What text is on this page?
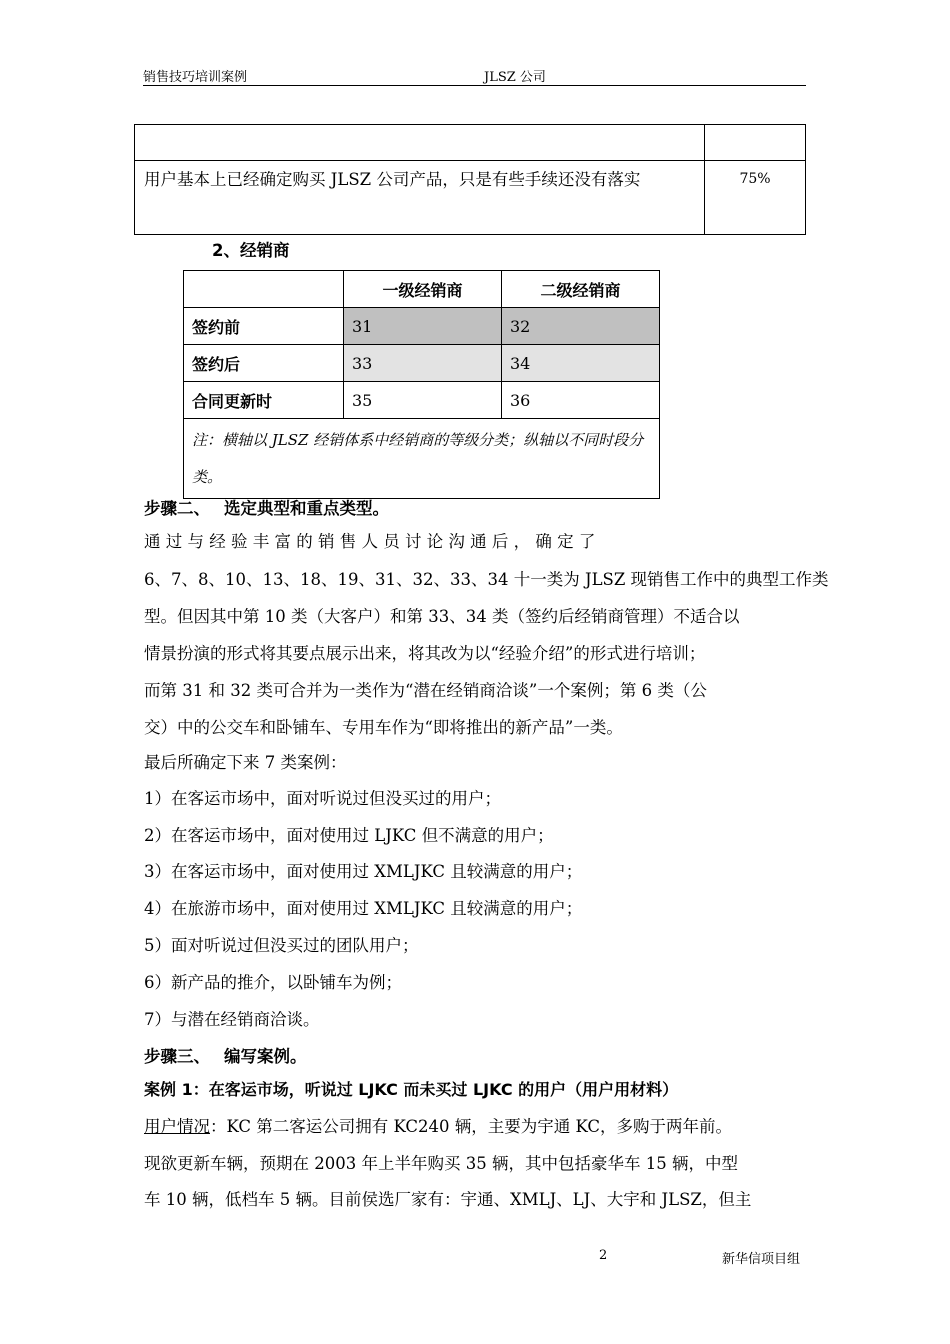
销售技巧培训案例	JLSZ 公司

用户基本上已经确定购买 JLSZ 公司产品，只是有些手续还没有落实	75%
2、经销商
	一级经销商	二级经销商
签约前	31	32
签约后	33	34
合同更新时	35	36
注：横轴以 JLSZ 经销体系中经销商的等级分类；纵轴以不同时段分类。		
步骤二、　 选定典型和重点类型。
通 过 与 经 验 丰 富 的 销 售 人 员 讨 论 沟 通 后 ， 确 定 了
6、7、8、10、13、18、19、31、32、33、34 十一类为 JLSZ 现销售工作中的典型工作类
型。但因其中第 10 类（大客户）和第 33、34 类（签约后经销商管理）不适合以
情景扮演的形式将其要点展示出来，将其改为以“经验介绍”的形式进行培训；
而第 31 和 32 类可合并为一类作为“潜在经销商洽谈”一个案例；第 6 类（公
交）中的公交车和卧铺车、专用车作为“即将推出的新产品”一类。
最后所确定下来 7 类案例：
1）在客运市场中，面对听说过但没买过的用户；
2）在客运市场中，面对使用过 LJKC 但不满意的用户；
3）在客运市场中，面对使用过 XMLJKC 且较满意的用户；
4）在旅游市场中，面对使用过 XMLJKC 且较满意的用户；
5）面对听说过但没买过的团队用户；
6）新产品的推介，以卧铺车为例；
7）与潜在经销商洽谈。
步骤三、　 编写案例。
案例 1：在客运市场，听说过 LJKC 而未买过 LJKC 的用户（用户用材料）
用户情况：KC 第二客运公司拥有 KC240 辆，主要为宇通 KC，多购于两年前。
现欲更新车辆，预期在 2003 年上半年购买 35 辆，其中包括豪华车 15 辆，中型
车 10 辆，低档车 5 辆。目前侯选厂家有：宇通、XMLJ、LJ、大宇和 JLSZ，但主
2	新华信项目组
